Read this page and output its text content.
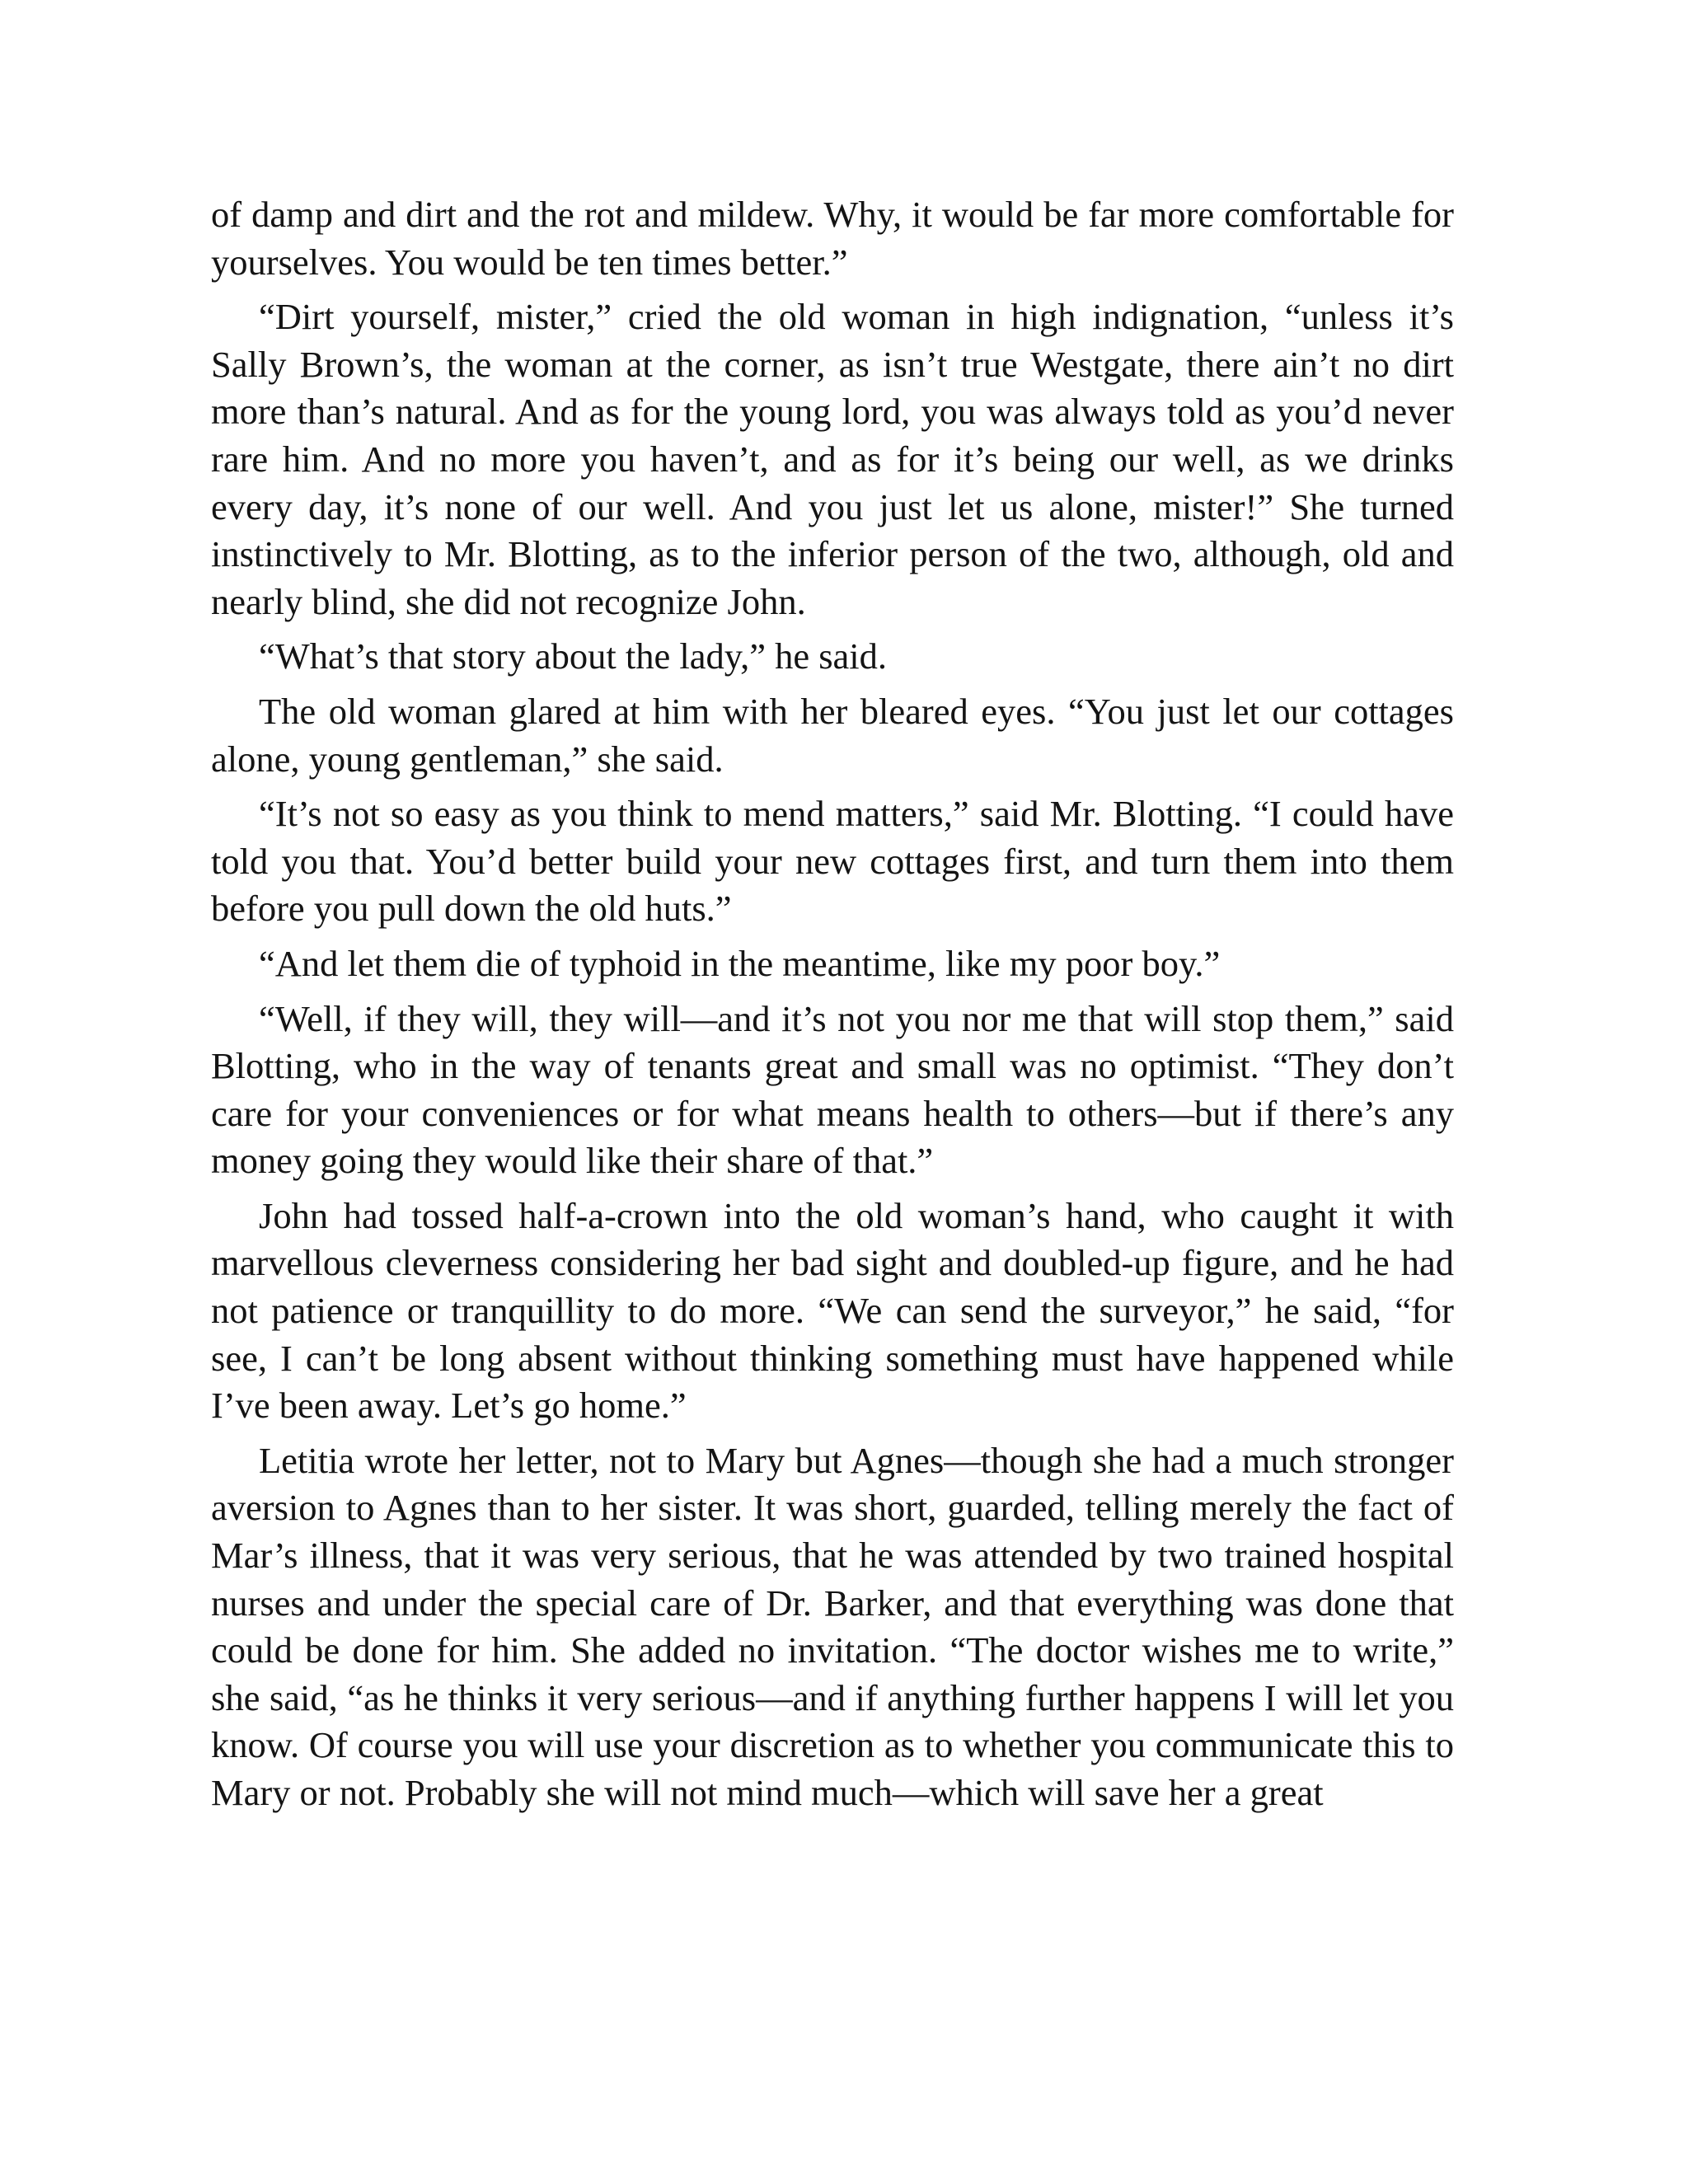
of damp and dirt and the rot and mildew. Why, it would be far more comfortable for yourselves. You would be ten times better.”

“Dirt yourself, mister,” cried the old woman in high indignation, “unless it’s Sally Brown’s, the woman at the corner, as isn’t true Westgate, there ain’t no dirt more than’s natural. And as for the young lord, you was always told as you’d never rare him. And no more you haven’t, and as for it’s being our well, as we drinks every day, it’s none of our well. And you just let us alone, mister!” She turned instinctively to Mr. Blotting, as to the inferior person of the two, although, old and nearly blind, she did not recognize John.

“What’s that story about the lady,” he said.

The old woman glared at him with her bleared eyes. “You just let our cottages alone, young gentleman,” she said.

“It’s not so easy as you think to mend matters,” said Mr. Blotting. “I could have told you that. You’d better build your new cottages first, and turn them into them before you pull down the old huts.”

“And let them die of typhoid in the meantime, like my poor boy.”

“Well, if they will, they will—and it’s not you nor me that will stop them,” said Blotting, who in the way of tenants great and small was no optimist. “They don’t care for your conveniences or for what means health to others—but if there’s any money going they would like their share of that.”

John had tossed half-a-crown into the old woman’s hand, who caught it with marvellous cleverness considering her bad sight and doubled-up figure, and he had not patience or tranquillity to do more. “We can send the surveyor,” he said, “for see, I can’t be long absent without thinking something must have happened while I’ve been away. Let’s go home.”

Letitia wrote her letter, not to Mary but Agnes—though she had a much stronger aversion to Agnes than to her sister. It was short, guarded, telling merely the fact of Mar’s illness, that it was very serious, that he was attended by two trained hospital nurses and under the special care of Dr. Barker, and that everything was done that could be done for him. She added no invitation. “The doctor wishes me to write,” she said, “as he thinks it very serious—and if anything further happens I will let you know. Of course you will use your discretion as to whether you communicate this to Mary or not. Probably she will not mind much—which will save her a great
